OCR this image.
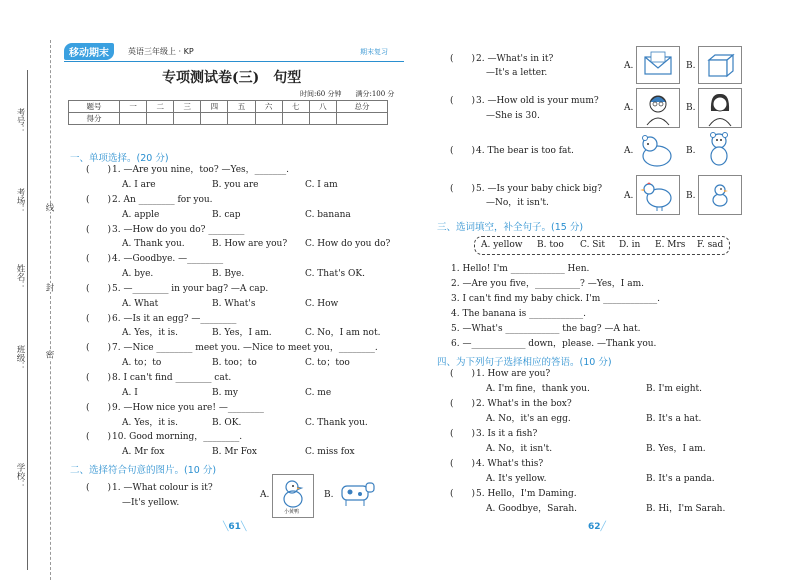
考号：
考场： 线
姓名： 封
班级： 密
学校：
移动期末	英语三年级上 · KP	期末复习
专项测试卷(三)　句型
时间:60 分钟　　满分:100 分
题号	一	二	三	四	五	六	七	八	总分
得分									
一、单项选择。(20 分)
(　　) 1. —Are you nine，too? —Yes，_______.
A. I are	B. you are	C. I am
(　　) 2. An ________ for you.
A. apple	B. cap	C. banana
(　　) 3. —How do you do? ________
A. Thank you.	B. How are you? C. How do you do?
(　　) 4. —Goodbye. —________
A. bye.	B. Bye.	C. That's OK.
(　　) 5. —________ in your bag? —A cap.
A. What	B. What's	C. How
(　　) 6. —Is it an egg? —________
A. Yes，it is.	B. Yes，I am.	C. No，I am not.
(　　) 7. —Nice ________ meet you. —Nice to meet you，________.
A. to；to	B. too；to	C. to；too
(　　) 8. I can't find ________ cat.
A. I	B. my	C. me
(　　) 9. —How nice you are! —________
A. Yes，it is.	B. OK.	C. Thank you.
(　　) 10. Good morning，________.
A. Mr fox	B. Mr Fox	C. miss fox
二、选择符合句意的图片。(10 分)
(　　) 1. —What colour is it?
—It's yellow.
A.
小黄鸭
B.
╲61╲
(　　) 2. —What's in it?
—It's a letter.
A.	B.
(　　) 3. —How old is your mum?
—She is 30.
A.	B.
(　　) 4. The bear is too fat.	A.	B.
(　　) 5. —Is your baby chick big?
—No，it isn't.
A.	B.
三、选词填空，补全句子。(15 分)
A. yellow B. too C. Sit D. in E. Mrs F. sad
1. Hello! I'm ____________ Hen.
2. —Are you five，__________? —Yes，I am.
3. I can't find my baby chick. I'm ____________.
4. The banana is ____________.
5. —What's ____________ the bag? —A hat.
6. —____________ down，please. —Thank you.
四、为下列句子选择相应的答语。(10 分)
(　　) 1. How are you?
A. I'm fine，thank you.	B. I'm eight.
(　　) 2. What's in the box?
A. No，it's an egg.	B. It's a hat.
(　　) 3. Is it a fish?
A. No，it isn't.	B. Yes，I am.
(　　) 4. What's this?
A. It's yellow.	B. It's a panda.
(　　) 5. Hello，I'm Daming.
A. Goodbye，Sarah.	B. Hi，I'm Sarah.
62╱
